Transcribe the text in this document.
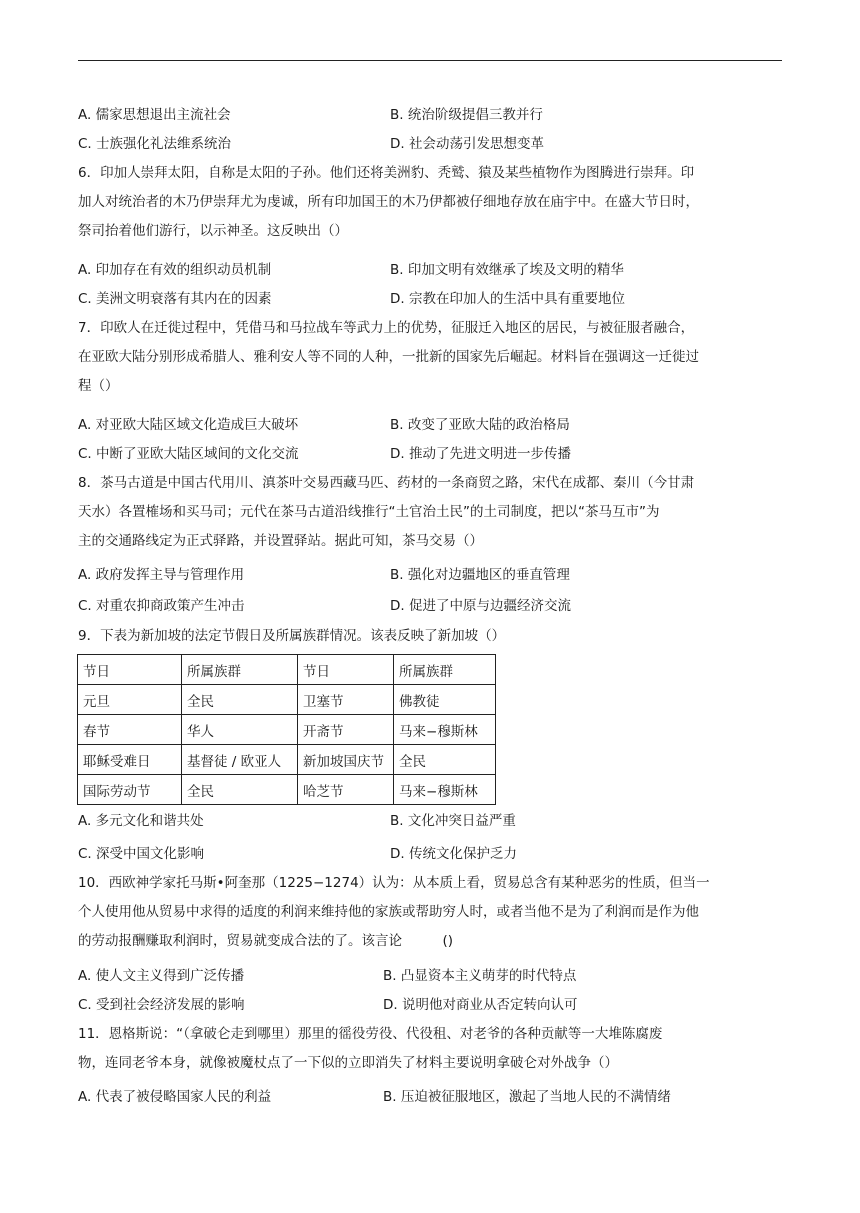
A. 儒家思想退出主流社会	B. 统治阶级提倡三教并行
C. 士族强化礼法维系统治	D. 社会动荡引发思想变革
6．印加人崇拜太阳，自称是太阳的子孙。他们还将美洲豹、秃鹫、猿及某些植物作为图腾进行崇拜。印
加人对统治者的木乃伊崇拜尤为虔诚，所有印加国王的木乃伊都被仔细地存放在庙宇中。在盛大节日时，
祭司抬着他们游行，以示神圣。这反映出（）
A. 印加存在有效的组织动员机制	B. 印加文明有效继承了埃及文明的精华
C. 美洲文明衰落有其内在的因素	D. 宗教在印加人的生活中具有重要地位
7．印欧人在迁徙过程中，凭借马和马拉战车等武力上的优势，征服迁入地区的居民，与被征服者融合，
在亚欧大陆分别形成希腊人、雅利安人等不同的人种，一批新的国家先后崛起。材料旨在强调这一迁徙过
程（）
A. 对亚欧大陆区域文化造成巨大破坏	B. 改变了亚欧大陆的政治格局
C. 中断了亚欧大陆区域间的文化交流	D. 推动了先进文明进一步传播
8．茶马古道是中国古代用川、滇茶叶交易西藏马匹、药材的一条商贸之路，宋代在成都、秦川（今甘肃
天水）各置榷场和买马司；元代在茶马古道沿线推行“土官治土民”的土司制度，把以“茶马互市”为
主的交通路线定为正式驿路，并设置驿站。据此可知，茶马交易（）
A. 政府发挥主导与管理作用	B. 强化对边疆地区的垂直管理
C. 对重农抑商政策产生冲击	D. 促进了中原与边疆经济交流
9．下表为新加坡的法定节假日及所属族群情况。该表反映了新加坡（）
节日	所属族群	节日	所属族群
元旦	全民	卫塞节	佛教徒
春节	华人	开斋节	马来−穆斯林
耶稣受难日	基督徒 / 欧亚人	新加坡国庆节	全民
国际劳动节	全民	哈芝节	马来−穆斯林
A. 多元文化和谐共处	B. 文化冲突日益严重
C. 深受中国文化影响	D. 传统文化保护乏力
10．西欧神学家托马斯•阿奎那（1225−1274）认为：从本质上看，贸易总含有某种恶劣的性质，但当一
个人使用他从贸易中求得的适度的利润来维持他的家族或帮助穷人时，或者当他不是为了利润而是作为他
的劳动报酬赚取利润时，贸易就变成合法的了。该言论　　　()
A. 使人文主义得到广泛传播	B. 凸显资本主义萌芽的时代特点
C. 受到社会经济发展的影响	D. 说明他对商业从否定转向认可
11．恩格斯说：“（拿破仑走到哪里）那里的徭役劳役、代役租、对老爷的各种贡献等一大堆陈腐废
物，连同老爷本身，就像被魔杖点了一下似的立即消失了材料主要说明拿破仑对外战争（）
A. 代表了被侵略国家人民的利益	B. 压迫被征服地区，激起了当地人民的不满情绪
